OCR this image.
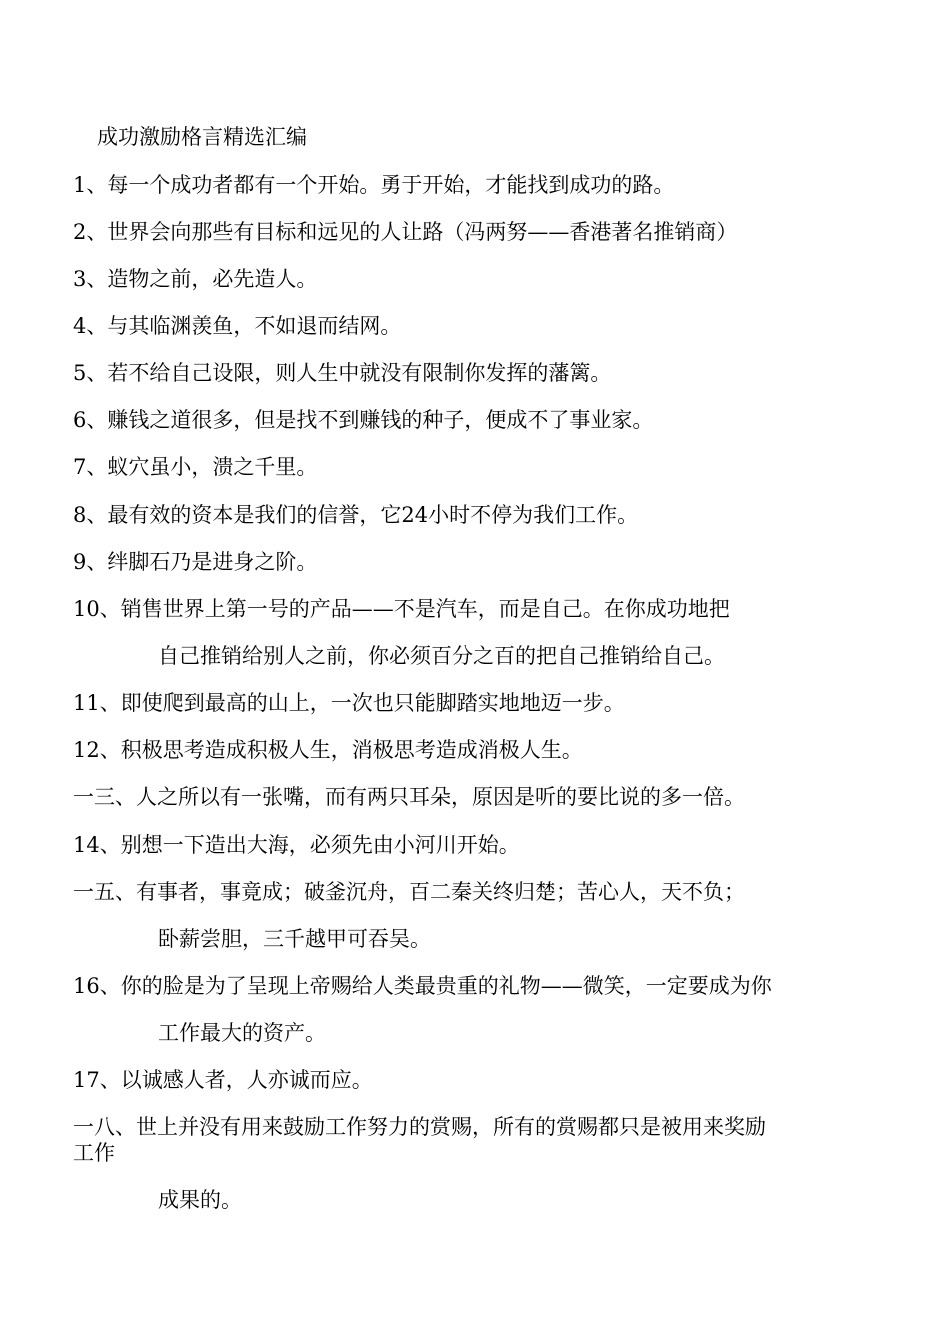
成功激励格言精选汇编
1、每一个成功者都有一个开始。勇于开始，才能找到成功的路。
2、世界会向那些有目标和远见的人让路（冯两努——香港著名推销商）
3、造物之前，必先造人。
4、与其临渊羡鱼，不如退而结网。
5、若不给自己设限，则人生中就没有限制你发挥的藩篱。
6、赚钱之道很多，但是找不到赚钱的种子，便成不了事业家。
7、蚁穴虽小，溃之千里。
8、最有效的资本是我们的信誉，它24小时不停为我们工作。
9、绊脚石乃是进身之阶。
10、销售世界上第一号的产品——不是汽车，而是自己。在你成功地把
自己推销给别人之前，你必须百分之百的把自己推销给自己。
11、即使爬到最高的山上，一次也只能脚踏实地地迈一步。
12、积极思考造成积极人生，消极思考造成消极人生。
一三、人之所以有一张嘴，而有两只耳朵，原因是听的要比说的多一倍。
14、别想一下造出大海，必须先由小河川开始。
一五、有事者，事竟成；破釜沉舟，百二秦关终归楚；苦心人，天不负；
卧薪尝胆，三千越甲可吞吴。
16、你的脸是为了呈现上帝赐给人类最贵重的礼物——微笑，一定要成为你
工作最大的资产。
17、以诚感人者，人亦诚而应。
一八、世上并没有用来鼓励工作努力的赏赐，所有的赏赐都只是被用来奖励
工作
成果的。
